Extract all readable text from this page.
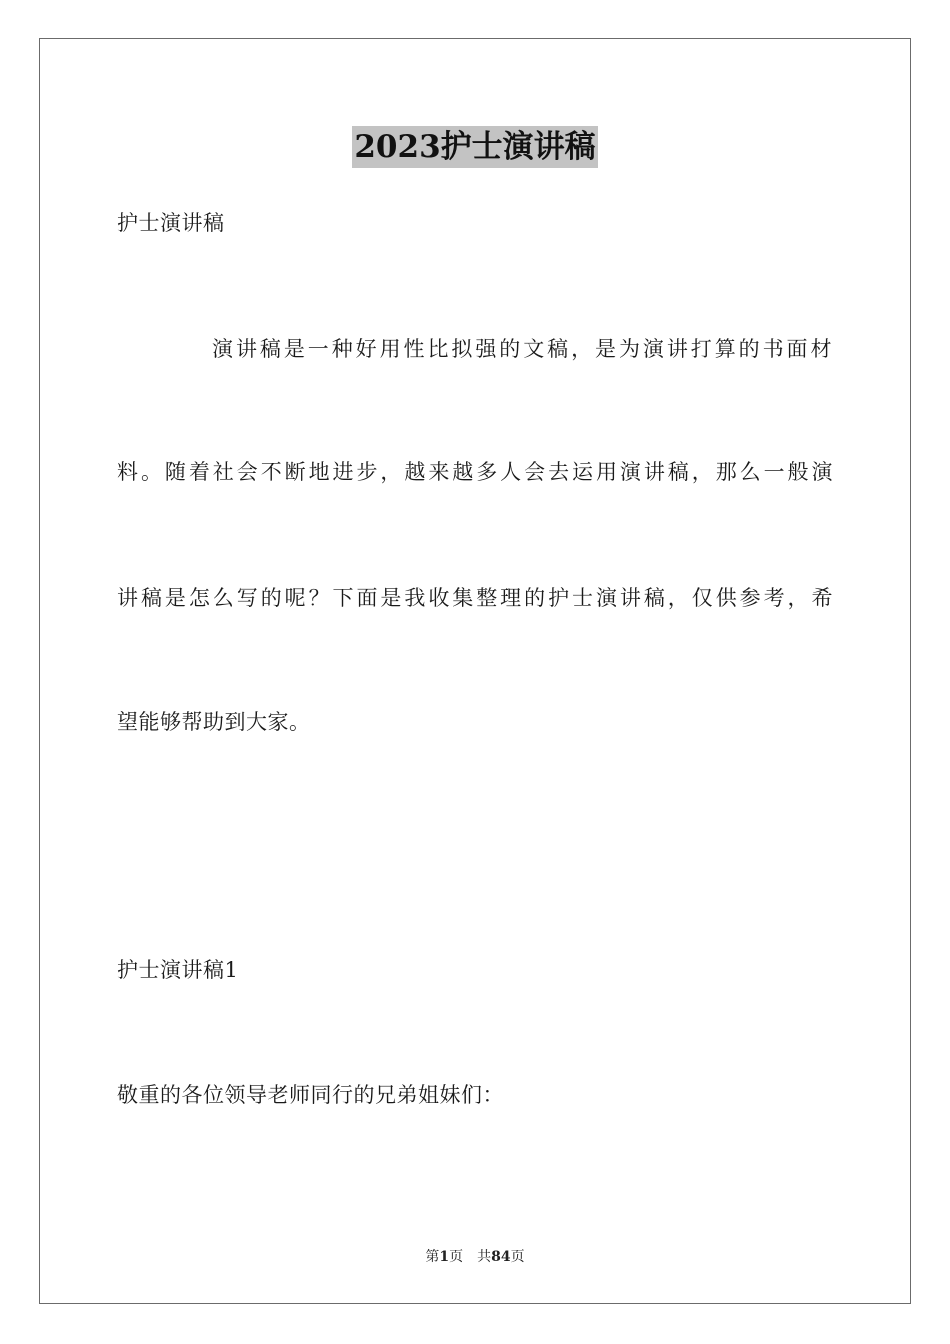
2023护士演讲稿
护士演讲稿
演讲稿是一种好用性比拟强的文稿，是为演讲打算的书面材
料。随着社会不断地进步，越来越多人会去运用演讲稿，那么一般演
讲稿是怎么写的呢？下面是我收集整理的护士演讲稿，仅供参考，希
望能够帮助到大家。
护士演讲稿1
敬重的各位领导老师同行的兄弟姐妹们：
第1页 共84页
